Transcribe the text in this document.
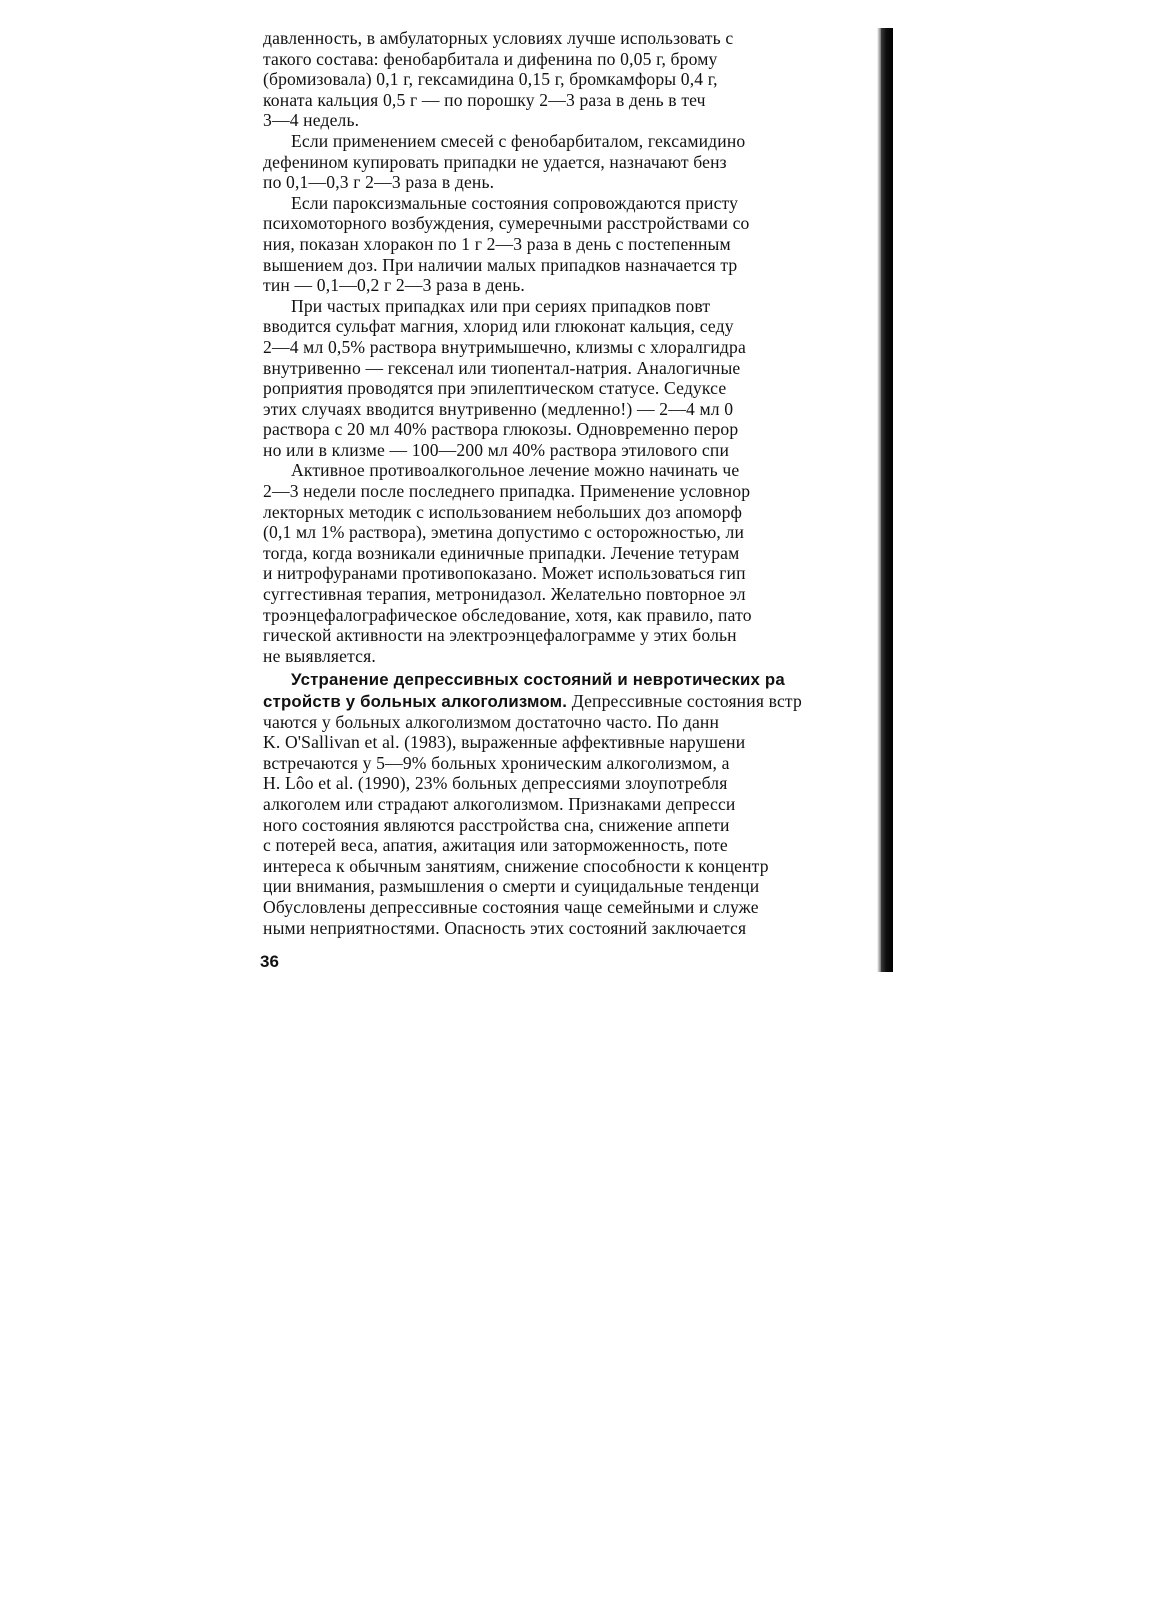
давленность, в амбулаторных условиях лучше использовать с
такого состава: фенобарбитала и дифенина по 0,05 г, брому
(бромизовала) 0,1 г, гексамидина 0,15 г, бромкамфоры 0,4 г,
коната кальция 0,5 г — по порошку 2—3 раза в день в теч
3—4 недель.
Если применением смесей с фенобарбиталом, гексамидино
дефенином купировать припадки не удается, назначают бенз
по 0,1—0,3 г 2—3 раза в день.
Если пароксизмальные состояния сопровождаются присту
психомоторного возбуждения, сумеречными расстройствами со
ния, показан хлоракон по 1 г 2—3 раза в день с постепенным
вышением доз. При наличии малых припадков назначается тр
тин — 0,1—0,2 г 2—3 раза в день.
При частых припадках или при сериях припадков повт
вводится сульфат магния, хлорид или глюконат кальция, седу
2—4 мл 0,5% раствора внутримышечно, клизмы с хлоралгидра
внутривенно — гексенал или тиопентал-натрия. Аналогичные
роприятия проводятся при эпилептическом статусе. Седуксе
этих случаях вводится внутривенно (медленно!) — 2—4 мл 0
раствора с 20 мл 40% раствора глюкозы. Одновременно перор
но или в клизме — 100—200 мл 40% раствора этилового спи
Активное противоалкогольное лечение можно начинать че
2—3 недели после последнего припадка. Применение условнор
лекторных методик с использованием небольших доз апоморф
(0,1 мл 1% раствора), эметина допустимо с осторожностью, ли
тогда, когда возникали единичные припадки. Лечение тетурам
и нитрофуранами противопоказано. Может использоваться гип
суггестивная терапия, метронидазол. Желательно повторное эл
троэнцефалографическое обследование, хотя, как правило, пато
гической активности на электроэнцефалограмме у этих больн
не выявляется.
Устранение депрессивных состояний и невротических ра
стройств у больных алкоголизмом. Депрессивные состояния встр
чаются у больных алкоголизмом достаточно часто. По данн
K. O'Sallivan et al. (1983), выраженные аффективные нарушени
встречаются у 5—9% больных хроническим алкоголизмом, а
H. Lôo et al. (1990), 23% больных депрессиями злоупотребля
алкоголем или страдают алкоголизмом. Признаками депресси
ного состояния являются расстройства сна, снижение аппети
с потерей веса, апатия, ажитация или заторможенность, поте
интереса к обычным занятиям, снижение способности к концентр
ции внимания, размышления о смерти и суицидальные тенденци
Обусловлены депрессивные состояния чаще семейными и служе
ными неприятностями. Опасность этих состояний заключается
36
